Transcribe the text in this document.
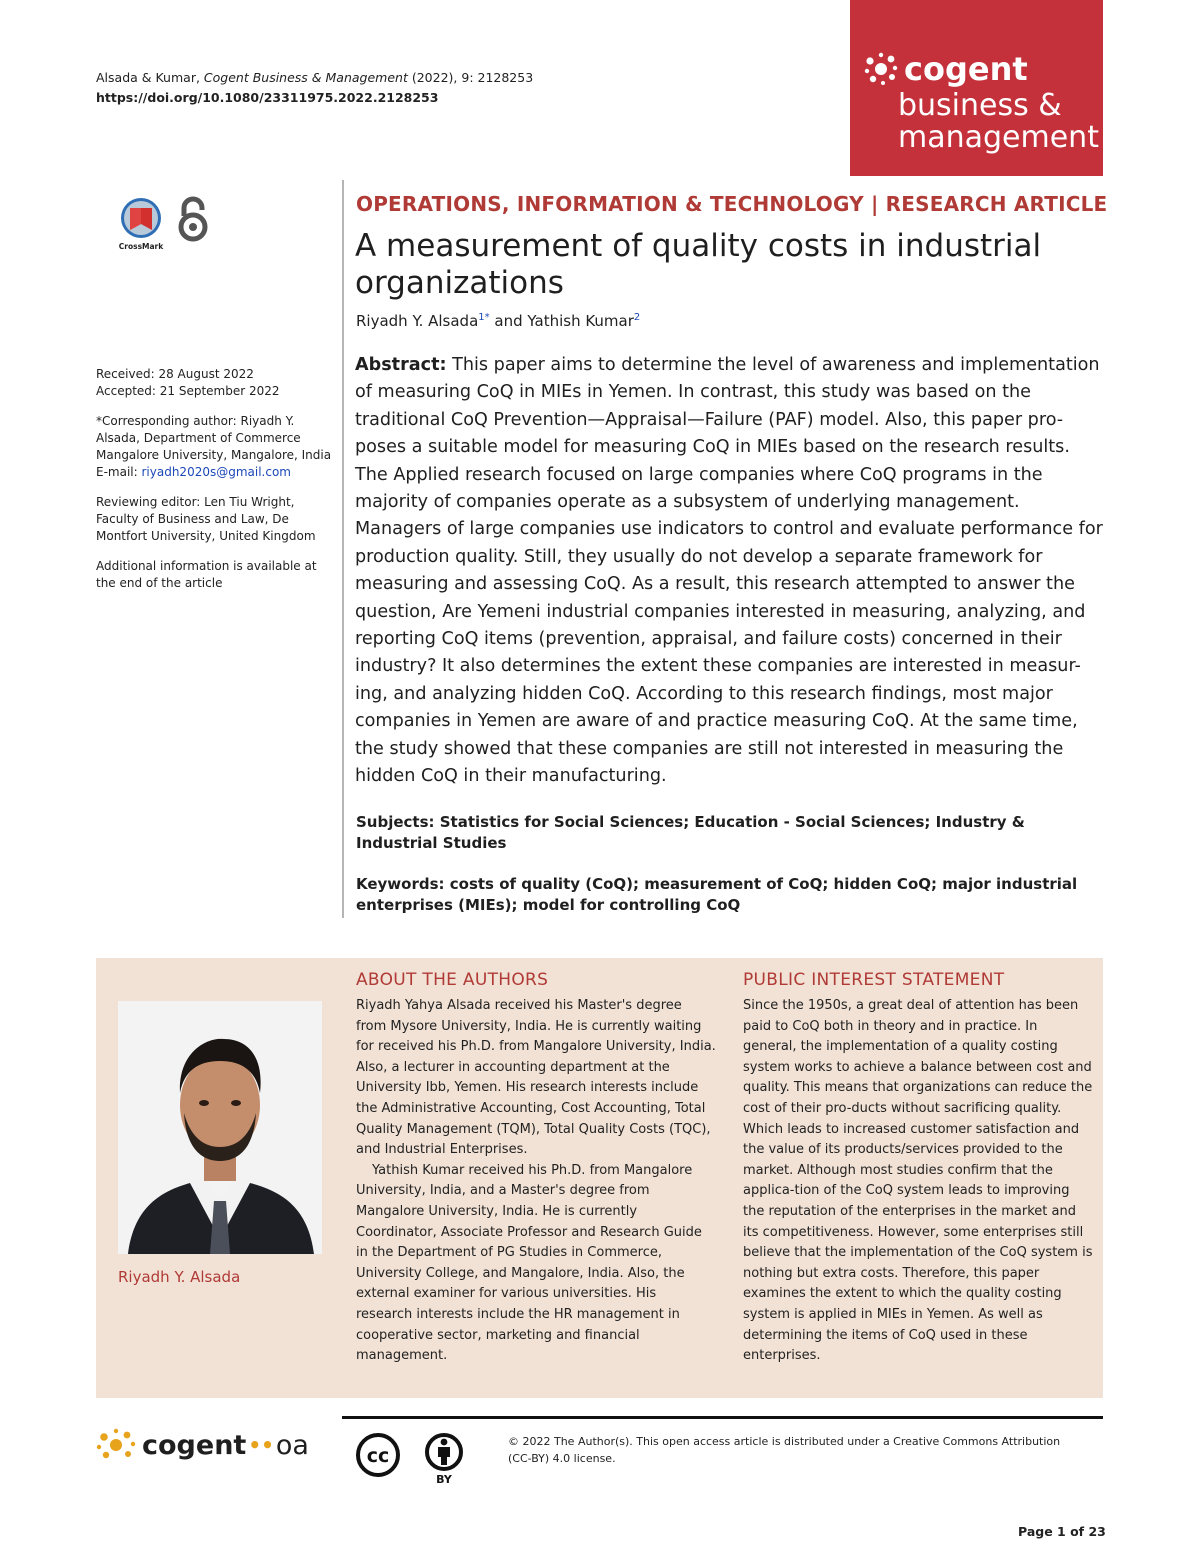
Alsada & Kumar, Cogent Business & Management (2022), 9: 2128253
https://doi.org/10.1080/23311975.2022.2128253
cogent
business &
management
CrossMark

Received: 28 August 2022
Accepted: 21 September 2022

*Corresponding author: Riyadh Y. Alsada, Department of Commerce Mangalore University, Mangalore, India
E-mail: riyadh2020s@gmail.com

Reviewing editor: Len Tiu Wright, Faculty of Business and Law, De Montfort University, United Kingdom

Additional information is available at the end of the article

OPERATIONS, INFORMATION & TECHNOLOGY | RESEARCH ARTICLE
A measurement of quality costs in industrial organizations
Riyadh Y. Alsada$^{1*}$ and Yathish Kumar$^2$
Abstract: This paper aims to determine the level of awareness and implementation of measuring CoQ in MIEs in Yemen. In contrast, this study was based on the traditional CoQ Prevention—Appraisal—Failure (PAF) model. Also, this paper pro-poses a suitable model for measuring CoQ in MIEs based on the research results. The Applied research focused on large companies where CoQ programs in the majority of companies operate as a subsystem of underlying management. Managers of large companies use indicators to control and evaluate performance for production quality. Still, they usually do not develop a separate framework for measuring and assessing CoQ. As a result, this research attempted to answer the question, Are Yemeni industrial companies interested in measuring, analyzing, and reporting CoQ items (prevention, appraisal, and failure costs) concerned in their industry? It also determines the extent these companies are interested in measur-ing, and analyzing hidden CoQ. According to this research findings, most major companies in Yemen are aware of and practice measuring CoQ. At the same time, the study showed that these companies are still not interested in measuring the hidden CoQ in their manufacturing.
Subjects: Statistics for Social Sciences; Education - Social Sciences; Industry & Industrial Studies
Keywords: costs of quality (CoQ); measurement of CoQ; hidden CoQ; major industrial enterprises (MIEs); model for controlling CoQ
Riyadh Y. Alsada
ABOUT THE AUTHORS

Riyadh Yahya Alsada received his Master's degree from Mysore University, India. He is currently waiting for received his Ph.D. from Mangalore University, India. Also, a lecturer in accounting department at the University Ibb, Yemen. His research interests include the Administrative Accounting, Cost Accounting, Total Quality Management (TQM), Total Quality Costs (TQC), and Industrial Enterprises.

Yathish Kumar received his Ph.D. from Mangalore University, India, and a Master's degree from Mangalore University, India. He is currently Coordinator, Associate Professor and Research Guide in the Department of PG Studies in Commerce, University College, and Mangalore, India. Also, the external examiner for various universities. His research interests include the HR management in cooperative sector, marketing and financial management.

PUBLIC INTEREST STATEMENT
Since the 1950s, a great deal of attention has been paid to CoQ both in theory and in practice. In general, the implementation of a quality costing system works to achieve a balance between cost and quality. This means that organizations can reduce the cost of their pro-ducts without sacrificing quality. Which leads to increased customer satisfaction and the value of its products/services provided to the market. Although most studies confirm that the applica-tion of the CoQ system leads to improving the reputation of the enterprises in the market and its competitiveness. However, some enterprises still believe that the implementation of the CoQ system is nothing but extra costs. Therefore, this paper examines the extent to which the quality costing system is applied in MIEs in Yemen. As well as determining the items of CoQ used in these enterprises.
cogent •• oa	cc
BY
© 2022 The Author(s). This open access article is distributed under a Creative Commons Attribution (CC-BY) 4.0 license.
Page 1 of 23
